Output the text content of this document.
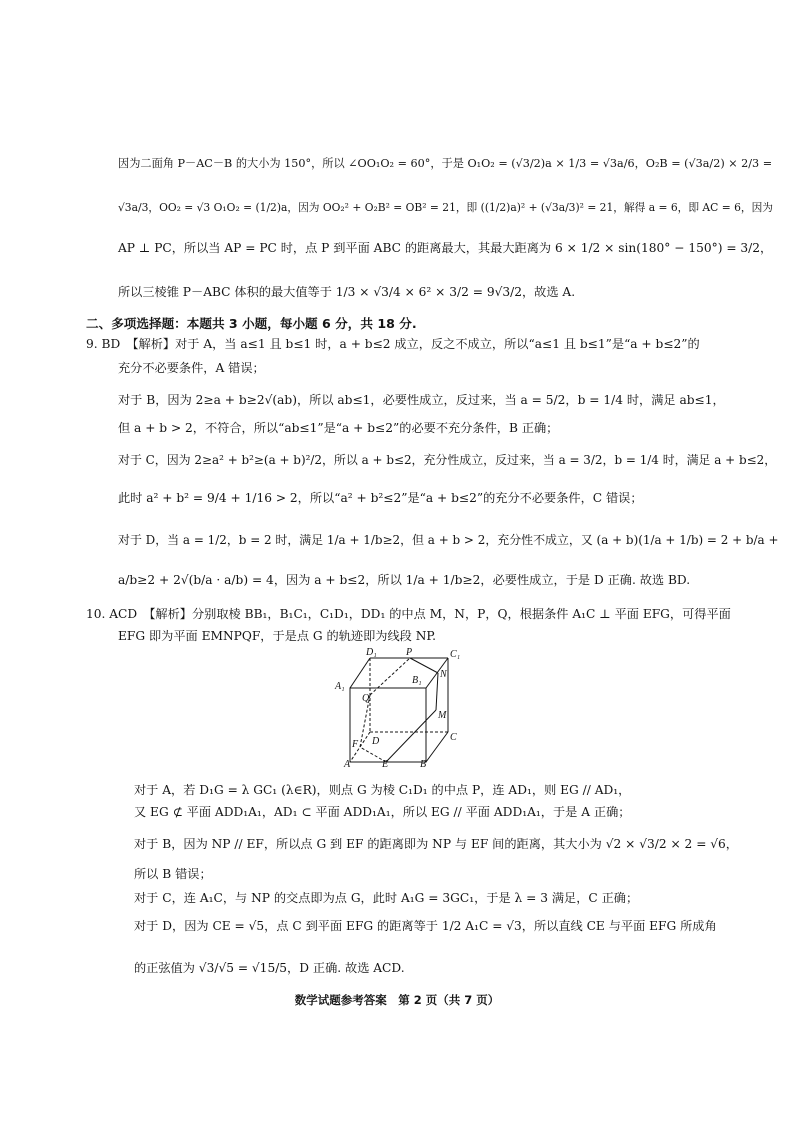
因为二面角 P－AC－B 的大小为 150°，所以 ∠OO₁O₂ = 60°，于是 O₁O₂ = (√3/2)a × 1/3 = √3a/6，O₂B = (√3a/2) × 2/3 =
√3a/3，OO₂ = √3 O₁O₂ = (1/2)a，因为 OO₂² + O₂B² = OB² = 21，即 ((1/2)a)² + (√3a/3)² = 21，解得 a = 6，即 AC = 6，因为
AP ⊥ PC，所以当 AP = PC 时，点 P 到平面 ABC 的距离最大，其最大距离为 6 × 1/2 × sin(180° − 150°) = 3/2，
所以三棱锥 P－ABC 体积的最大值等于 1/3 × √3/4 × 6² × 3/2 = 9√3/2，故选 A.
二、多项选择题：本题共 3 小题，每小题 6 分，共 18 分.
9. BD　【解析】对于 A，当 a≤1 且 b≤1 时，a + b≤2 成立，反之不成立，所以“a≤1 且 b≤1”是“a + b≤2”的
充分不必要条件，A 错误；
对于 B，因为 2≥a + b≥2√(ab)，所以 ab≤1，必要性成立，反过来，当 a = 5/2，b = 1/4 时，满足 ab≤1，
但 a + b > 2，不符合，所以“ab≤1”是“a + b≤2”的必要不充分条件，B 正确；
对于 C，因为 2≥a² + b²≥(a + b)²/2，所以 a + b≤2，充分性成立，反过来，当 a = 3/2，b = 1/4 时，满足 a + b≤2，
此时 a² + b² = 9/4 + 1/16 > 2，所以“a² + b²≤2”是“a + b≤2”的充分不必要条件，C 错误；
对于 D，当 a = 1/2，b = 2 时，满足 1/a + 1/b≥2，但 a + b > 2，充分性不成立，又 (a + b)(1/a + 1/b) = 2 + b/a +
a/b≥2 + 2√(b/a · a/b) = 4，因为 a + b≤2，所以 1/a + 1/b≥2，必要性成立，于是 D 正确. 故选 BD.
10. ACD　【解析】分别取棱 BB₁，B₁C₁，C₁D₁，DD₁ 的中点 M，N，P，Q，根据条件 A₁C ⊥ 平面 EFG，可得平面
EFG 即为平面 EMNPQF，于是点 G 的轨迹即为线段 NP.
D₁	P	C₁
A₁
B₁
N
Q
M
D	C
F
A	E	B
对于 A，若 D₁G = λ GC₁ (λ∈R)，则点 G 为棱 C₁D₁ 的中点 P，连 AD₁，则 EG // AD₁，
又 EG ⊄ 平面 ADD₁A₁，AD₁ ⊂ 平面 ADD₁A₁，所以 EG // 平面 ADD₁A₁，于是 A 正确；
对于 B，因为 NP // EF，所以点 G 到 EF 的距离即为 NP 与 EF 间的距离，其大小为 √2 × √3/2 × 2 = √6，
所以 B 错误；
对于 C，连 A₁C，与 NP 的交点即为点 G，此时 A₁G = 3GC₁，于是 λ = 3 满足，C 正确；
对于 D，因为 CE = √5，点 C 到平面 EFG 的距离等于 1/2 A₁C = √3，所以直线 CE 与平面 EFG 所成角
的正弦值为 √3/√5 = √15/5，D 正确. 故选 ACD.
数学试题参考答案　第 2 页（共 7 页）
